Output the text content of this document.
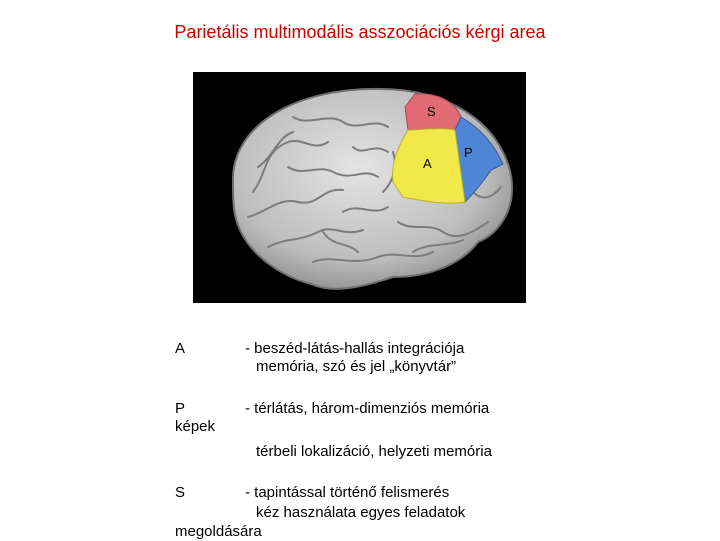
Parietális multimodális asszociációs kérgi area
S
A
P
A	- beszéd-látás-hallás integrációja
memória, szó és jel „könyvtár”
P
képek
- térlátás, három-dimenziós memória
térbeli lokalizáció, helyzeti memória
S	- tapintással történő felismerés
kéz használata egyes feladatok
megoldására
